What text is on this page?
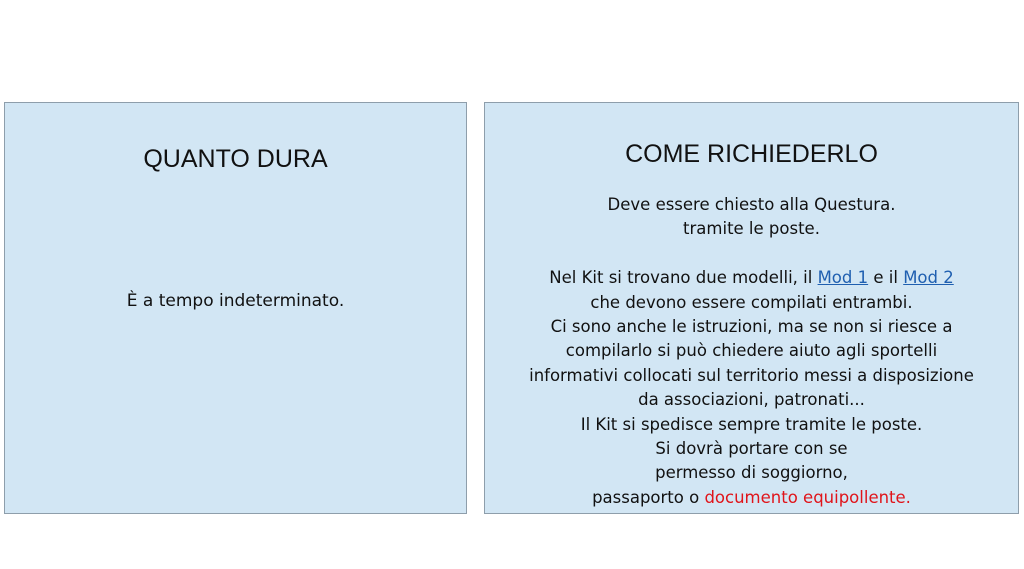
QUANTO DURA
È a tempo indeterminato.
COME RICHIEDERLO
Deve essere chiesto alla Questura.
tramite le poste.
Nel Kit si trovano due modelli, il Mod 1 e il Mod 2
che devono essere compilati entrambi.
Ci sono anche le istruzioni, ma se non si riesce a
compilarlo si può chiedere aiuto agli sportelli
informativi collocati sul territorio messi a disposizione
da associazioni, patronati...
Il Kit si spedisce sempre tramite le poste.
Si dovrà portare con se
permesso di soggiorno,
passaporto o documento equipollente.
